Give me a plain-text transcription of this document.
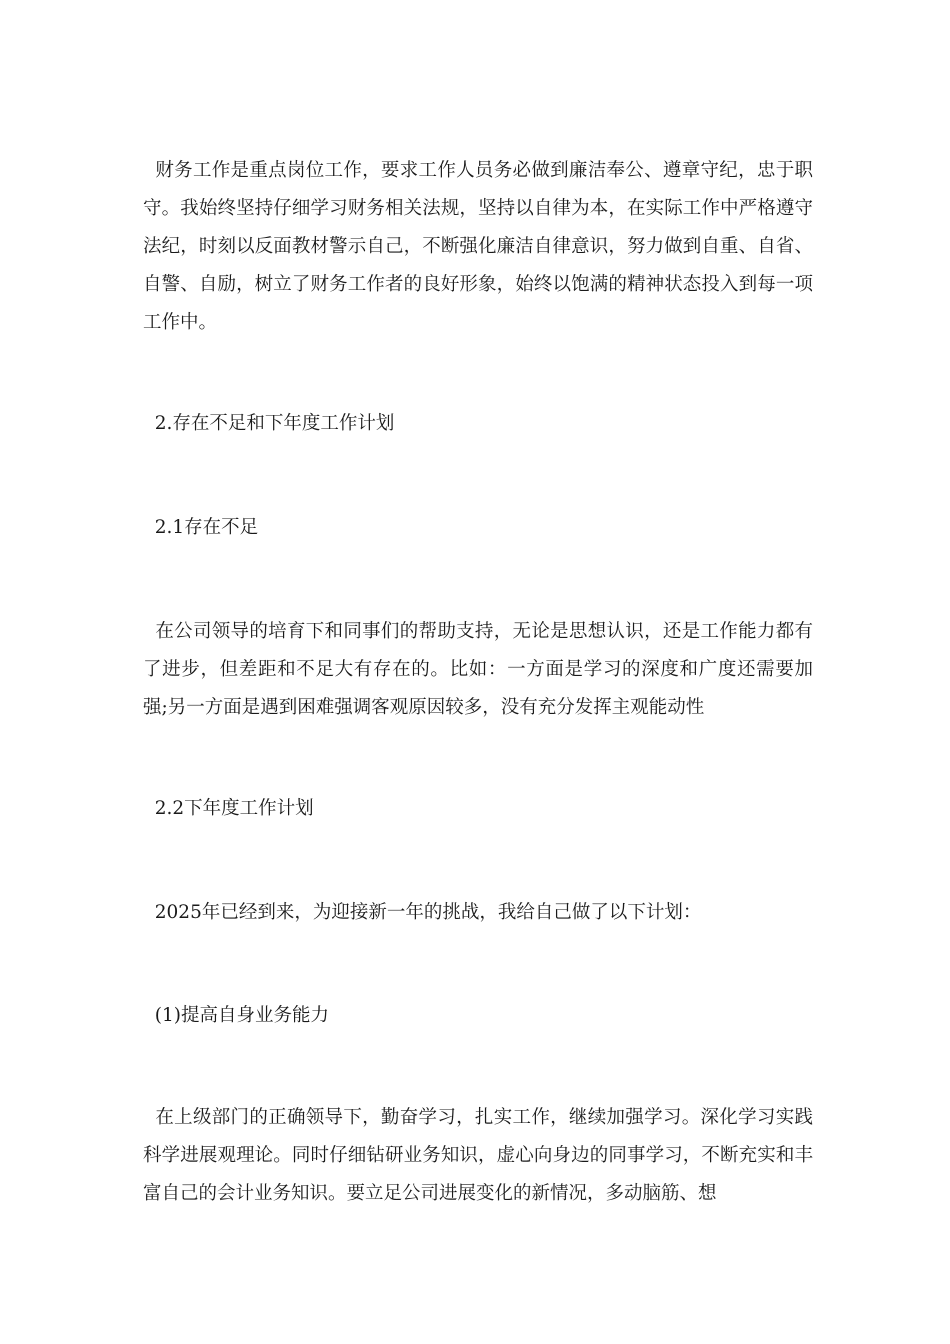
财务工作是重点岗位工作，要求工作人员务必做到廉洁奉公、遵章守纪，忠于职守。我始终坚持仔细学习财务相关法规，坚持以自律为本，在实际工作中严格遵守法纪，时刻以反面教材警示自己，不断强化廉洁自律意识，努力做到自重、自省、自警、自励，树立了财务工作者的良好形象，始终以饱满的精神状态投入到每一项工作中。

2.存在不足和下年度工作计划

2.1存在不足

在公司领导的培育下和同事们的帮助支持，无论是思想认识，还是工作能力都有了进步，但差距和不足大有存在的。比如：一方面是学习的深度和广度还需要加强;另一方面是遇到困难强调客观原因较多，没有充分发挥主观能动性

2.2下年度工作计划

2025年已经到来，为迎接新一年的挑战，我给自己做了以下计划：

(1)提高自身业务能力

在上级部门的正确领导下，勤奋学习，扎实工作，继续加强学习。深化学习实践科学进展观理论。同时仔细钻研业务知识，虚心向身边的同事学习，不断充实和丰富自己的会计业务知识。要立足公司进展变化的新情况，多动脑筋、想
